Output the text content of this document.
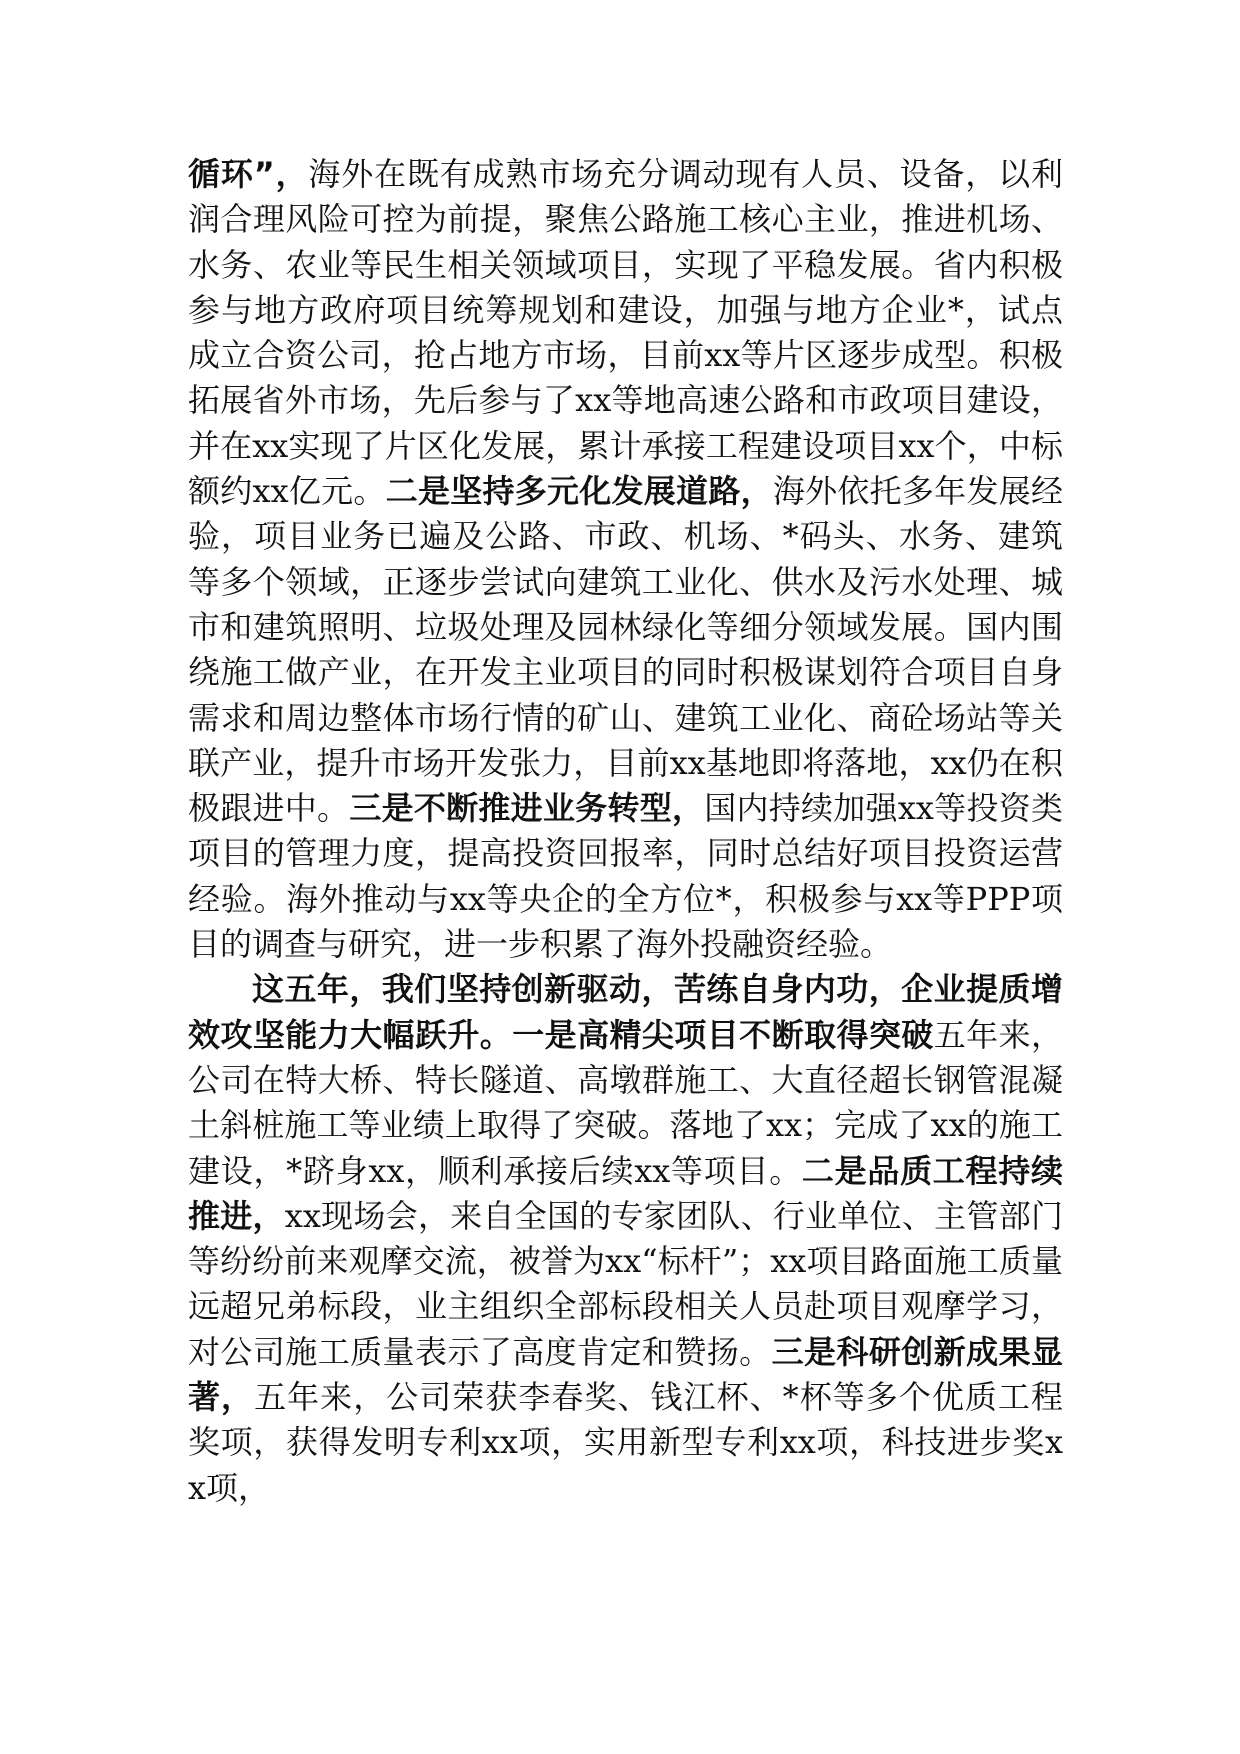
循环”，海外在既有成熟市场充分调动现有人员、设备，以利润合理风险可控为前提，聚焦公路施工核心主业，推进机场、水务、农业等民生相关领域项目，实现了平稳发展。省内积极参与地方政府项目统筹规划和建设，加强与地方企业*，试点成立合资公司，抢占地方市场，目前xx等片区逐步成型。积极拓展省外市场，先后参与了xx等地高速公路和市政项目建设，并在xx实现了片区化发展，累计承接工程建设项目xx个，中标额约xx亿元。二是坚持多元化发展道路，海外依托多年发展经验，项目业务已遍及公路、市政、机场、*码头、水务、建筑等多个领域，正逐步尝试向建筑工业化、供水及污水处理、城市和建筑照明、垃圾处理及园林绿化等细分领域发展。国内围绕施工做产业，在开发主业项目的同时积极谋划符合项目自身需求和周边整体市场行情的矿山、建筑工业化、商砼场站等关联产业，提升市场开发张力，目前xx基地即将落地，xx仍在积极跟进中。三是不断推进业务转型，国内持续加强xx等投资类项目的管理力度，提高投资回报率，同时总结好项目投资运营经验。海外推动与xx等央企的全方位*，积极参与xx等PPP项目的调查与研究，进一步积累了海外投融资经验。

这五年，我们坚持创新驱动，苦练自身内功，企业提质增效攻坚能力大幅跃升。一是高精尖项目不断取得突破五年来，公司在特大桥、特长隧道、高墩群施工、大直径超长钢管混凝土斜桩施工等业绩上取得了突破。落地了xx；完成了xx的施工建设，*跻身xx，顺利承接后续xx等项目。二是品质工程持续推进，xx现场会，来自全国的专家团队、行业单位、主管部门等纷纷前来观摩交流，被誉为xx“标杆”；xx项目路面施工质量远超兄弟标段，业主组织全部标段相关人员赴项目观摩学习，对公司施工质量表示了高度肯定和赞扬。三是科研创新成果显著，五年来，公司荣获李春奖、钱江杯、*杯等多个优质工程奖项，获得发明专利xx项，实用新型专利xx项，科技进步奖xx项，
